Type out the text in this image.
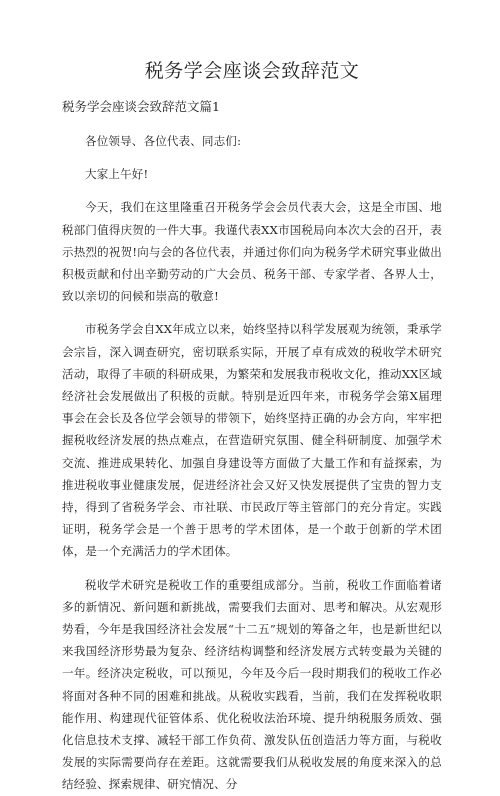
税务学会座谈会致辞范文
税务学会座谈会致辞范文篇1

各位领导、各位代表、同志们:

大家上午好!

今天，我们在这里隆重召开税务学会会员代表大会，这是全市国、地税部门值得庆贺的一件大事。我谨代表XX市国税局向本次大会的召开，表示热烈的祝贺!向与会的各位代表，并通过你们向为税务学术研究事业做出积极贡献和付出辛勤劳动的广大会员、税务干部、专家学者、各界人士，致以亲切的问候和崇高的敬意!

市税务学会自XX年成立以来，始终坚持以科学发展观为统领，秉承学会宗旨，深入调查研究，密切联系实际，开展了卓有成效的税收学术研究活动，取得了丰硕的科研成果，为繁荣和发展我市税收文化，推动XX区域经济社会发展做出了积极的贡献。特别是近四年来，市税务学会第X届理事会在会长及各位学会领导的带领下，始终坚持正确的办会方向，牢牢把握税收经济发展的热点难点，在营造研究氛围、健全科研制度、加强学术交流、推进成果转化、加强自身建设等方面做了大量工作和有益探索，为推进税收事业健康发展，促进经济社会又好又快发展提供了宝贵的智力支持，得到了省税务学会、市社联、市民政厅等主管部门的充分肯定。实践证明，税务学会是一个善于思考的学术团体，是一个敢于创新的学术团体，是一个充满活力的学术团体。

税收学术研究是税收工作的重要组成部分。当前，税收工作面临着诸多的新情况、新问题和新挑战，需要我们去面对、思考和解决。从宏观形势看，今年是我国经济社会发展“十二五”规划的筹备之年，也是新世纪以来我国经济形势最为复杂、经济结构调整和经济发展方式转变最为关键的一年。经济决定税收，可以预见，今年及今后一段时期我们的税收工作必将面对各种不同的困难和挑战。从税收实践看，当前，我们在发挥税收职能作用、构建现代征管体系、优化税收法治环境、提升纳税服务质效、强化信息技术支撑、减轻干部工作负荷、激发队伍创造活力等方面，与税收发展的实际需要尚存在差距。这就需要我们从税收发展的角度来深入的总结经验、探索规律、研究情况、分
